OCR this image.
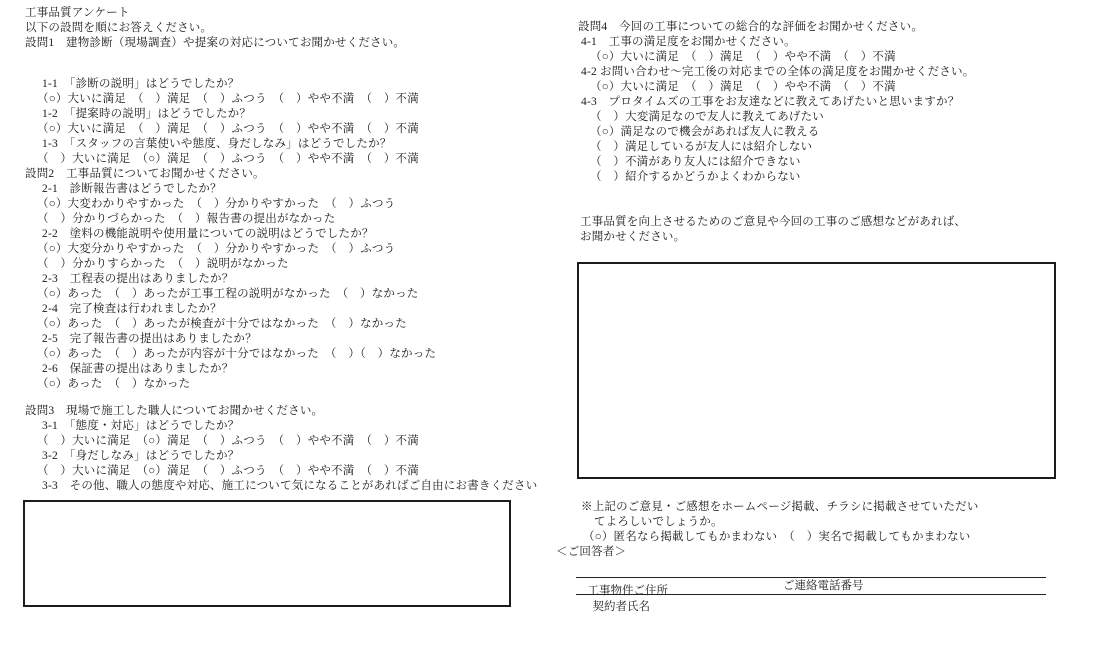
工事品質アンケート
以下の設問を順にお答えください。
設問1　建物診断（現場調査）や提案の対応についてお聞かせください。
1-1　「診断の説明」はどうでしたか？
（○）大いに満足　（　）満足　（　）ふつう　（　）やや不満　（　）不満
1-2　「提案時の説明」はどうでしたか？
（○）大いに満足　（　）満足　（　）ふつう　（　）やや不満　（　）不満
1-3　「スタッフの言葉使いや態度、身だしなみ」はどうでしたか？
（　）大いに満足　（○）満足　（　）ふつう　（　）やや不満　（　）不満
設問2　工事品質についてお聞かせください。
2-1　診断報告書はどうでしたか？
（○）大変わかりやすかった　（　）分かりやすかった　（　）ふつう
（　）分かりづらかった　（　）報告書の提出がなかった
2-2　塗料の機能説明や使用量についての説明はどうでしたか？
（○）大変分かりやすかった　（　）分かりやすかった　（　）ふつう
（　）分かりすらかった　（　）説明がなかった
2-3　工程表の提出はありましたか？
（○）あった　（　）あったが工事工程の説明がなかった　（　）なかった
2-4　完了検査は行われましたか？
（○）あった　（　）あったが検査が十分ではなかった　（　）なかった
2-5　完了報告書の提出はありましたか？
（○）あった　（　）あったが内容が十分ではなかった　（　）（　）なかった
2-6　保証書の提出はありましたか？
（○）あった　（　）なかった
設問3　現場で施工した職人についてお聞かせください。
3-1　「態度・対応」はどうでしたか？
（　）大いに満足　（○）満足　（　）ふつう　（　）やや不満　（　）不満
3-2　「身だしなみ」はどうでしたか？
（　）大いに満足　（○）満足　（　）ふつう　（　）やや不満　（　）不満
3-3　その他、職人の態度や対応、施工について気になることがあればご自由にお書きください
設問4　今回の工事についての総合的な評価をお聞かせください。
4-1　工事の満足度をお聞かせください。
（○）大いに満足　（　）満足　（　）やや不満　（　）不満
4-2 お問い合わせ～完工後の対応までの全体の満足度をお聞かせください。
（○）大いに満足　（　）満足　（　）やや不満　（　）不満
4-3　プロタイムズの工事をお友達などに教えてあげたいと思いますか？
（　）大変満足なので友人に教えてあげたい
（○）満足なので機会があれば友人に教える
（　）満足しているが友人には紹介しない
（　）不満があり友人には紹介できない
（　）紹介するかどうかよくわからない
工事品質を向上させるためのご意見や今回の工事のご感想などがあれば、
お聞かせください。
※上記のご意見・ご感想をホームページ掲載、チラシに掲載させていただい
てよろしいでしょうか。
（○）匿名なら掲載してもかまわない　（　）実名で掲載してもかまわない
＜ご回答者＞

工事物件ご住所

契約者氏名

ご連絡電話番号
